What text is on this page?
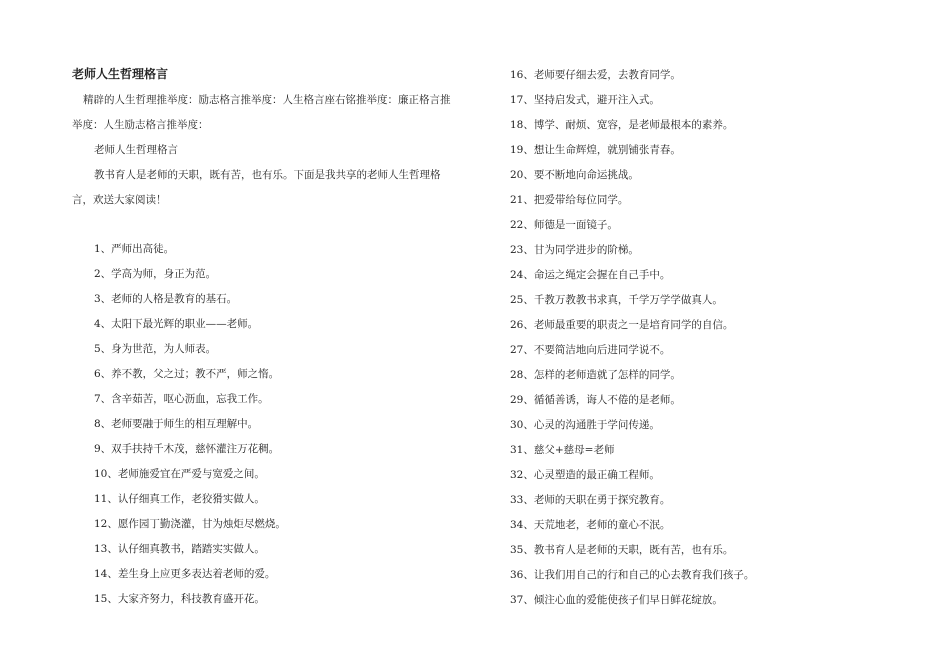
老师人生哲理格言
精辟的人生哲理推举度：励志格言推举度：人生格言座右铭推举度：廉正格言推举度：人生励志格言推举度：
老师人生哲理格言
教书育人是老师的天职，既有苦，也有乐。下面是我共享的老师人生哲理格言，欢送大家阅读！
1、严师出高徒。
2、学高为师，身正为范。
3、老师的人格是教育的基石。
4、太阳下最光辉的职业——老师。
5、身为世范，为人师表。
6、养不教，父之过；教不严，师之惰。
7、含辛茹苦，呕心沥血，忘我工作。
8、老师要融于师生的相互理解中。
9、双手扶持千木茂，慈怀灌注万花稠。
10、老师施爱宜在严爱与宽爱之间。
11、认仔细真工作，老狡猾实做人。
12、愿作园丁勤浇灌，甘为烛炬尽燃烧。
13、认仔细真教书，踏踏实实做人。
14、差生身上应更多表达着老师的爱。
15、大家齐努力，科技教育盛开花。
16、老师要仔细去爱，去教育同学。
17、坚持启发式，避开注入式。
18、博学、耐烦、宽容，是老师最根本的素养。
19、想让生命辉煌，就别铺张青春。
20、要不断地向命运挑战。
21、把爱带给每位同学。
22、师德是一面镜子。
23、甘为同学进步的阶梯。
24、命运之绳定会握在自己手中。
25、千教万教教书求真，千学万学学做真人。
26、老师最重要的职责之一是培育同学的自信。
27、不要简洁地向后进同学说不。
28、怎样的老师造就了怎样的同学。
29、循循善诱，诲人不倦的是老师。
30、心灵的沟通胜于学问传递。
31、慈父+慈母=老师
32、心灵塑造的最正确工程师。
33、老师的天职在勇于探究教育。
34、天荒地老，老师的童心不泯。
35、教书育人是老师的天职，既有苦，也有乐。
36、让我们用自己的行和自己的心去教育我们孩子。
37、倾注心血的爱能使孩子们早日鲜花绽放。
